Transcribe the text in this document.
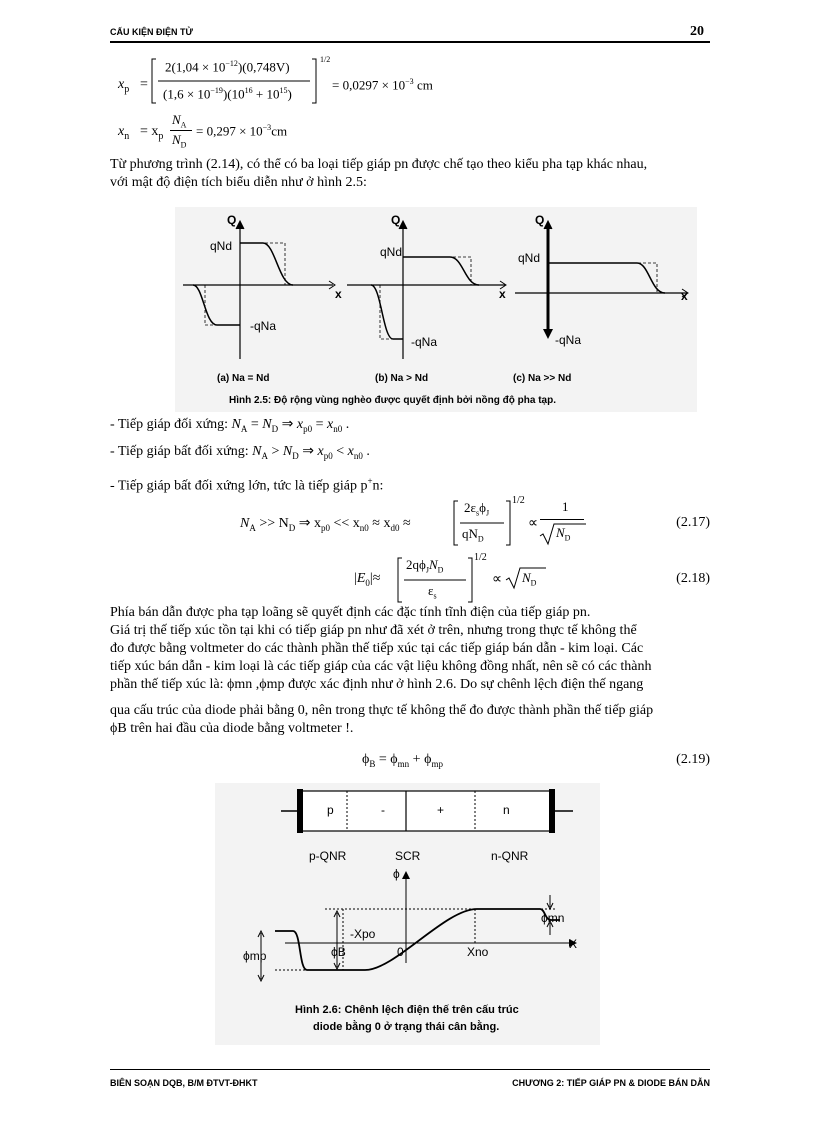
CẤU KIỆN ĐIỆN TỬ	20
$x_p$ =
$2(1,04 \times 10^{-12})(0,748V)$
$(1,6 \times 10^{-19})(10^{16} + 10^{15})$
1/2
= $0,0297 \times 10^{-3}$ cm
$x_n = x_p$
$N_A$
$N_D$
= $0,297 \times 10^{-3}cm$
Từ phương trình (2.14), có thể có ba loại tiếp giáp pn được chế tạo theo kiểu pha tạp khác nhau,
với mật độ điện tích biểu diễn như ở hình 2.5:
Q
qNd
x
-qNa
Q
qNd
x
-qNa
Q
qNd
x
-qNa
(a) Na = Nd	(b) Na > Nd	(c) Na >> Nd
Hình 2.5: Độ rộng vùng nghèo được quyết định bởi nồng độ pha tạp.
- Tiếp giáp đối xứng: $N_A = N_D$ ⇒ $x_{p0} = x_{n0}$ .
- Tiếp giáp bất đối xứng: $N_A > N_D$ ⇒ $x_{p0} < x_{n0}$ .
- Tiếp giáp bất đối xứng lớn, tức là tiếp giáp p+n:
$N_A >> N_D$ ⇒ $x_{p0} << x_{n0} \approx x_{d0}$ ≈
$2\varepsilon_s\phi_J$
$qN_D$
1/2
∝
1
$N_D$
(2.17)
$|E_0|\approx$
$2q\phi_JN_D$
$\varepsilon_s$
1/2
∝ $N_D$	(2.18)
Phía bán dẫn được pha tạp loãng sẽ quyết định các đặc tính tĩnh điện của tiếp giáp pn.
Giá trị thế tiếp xúc tồn tại khi có tiếp giáp pn như đã xét ở trên, nhưng trong thực tế không thể
đo được bằng voltmeter do các thành phần thế tiếp xúc tại các tiếp giáp bán dẫn - kim loại. Các
tiếp xúc bán dẫn - kim loại là các tiếp giáp của các vật liệu không đồng nhất, nên sẽ có các thành
phần thế tiếp xúc là: ϕmn ,ϕmp được xác định như ở hình 2.6. Do sự chênh lệch điện thế ngang
qua cấu trúc của diode phải bằng 0, nên trong thực tế không thể đo được thành phần thế tiếp giáp
ϕB trên hai đầu của diode bằng voltmeter !.
$\phi_B = \phi_{mn} + \phi_{mp}$	(2.19)
p	-	+	n
p-QNR	SCR	n-QNR
ϕ
ϕmn
ϕmp	ϕB
-Xpo
0	Xno
X
Hình 2.6: Chênh lệch điện thế trên cấu trúc
diode bằng 0 ở trạng thái cân bằng.
BIÊN SOẠN DQB, B/M ĐTVT-ĐHKT	CHƯƠNG 2: TIẾP GIÁP PN & DIODE BÁN DẪN
